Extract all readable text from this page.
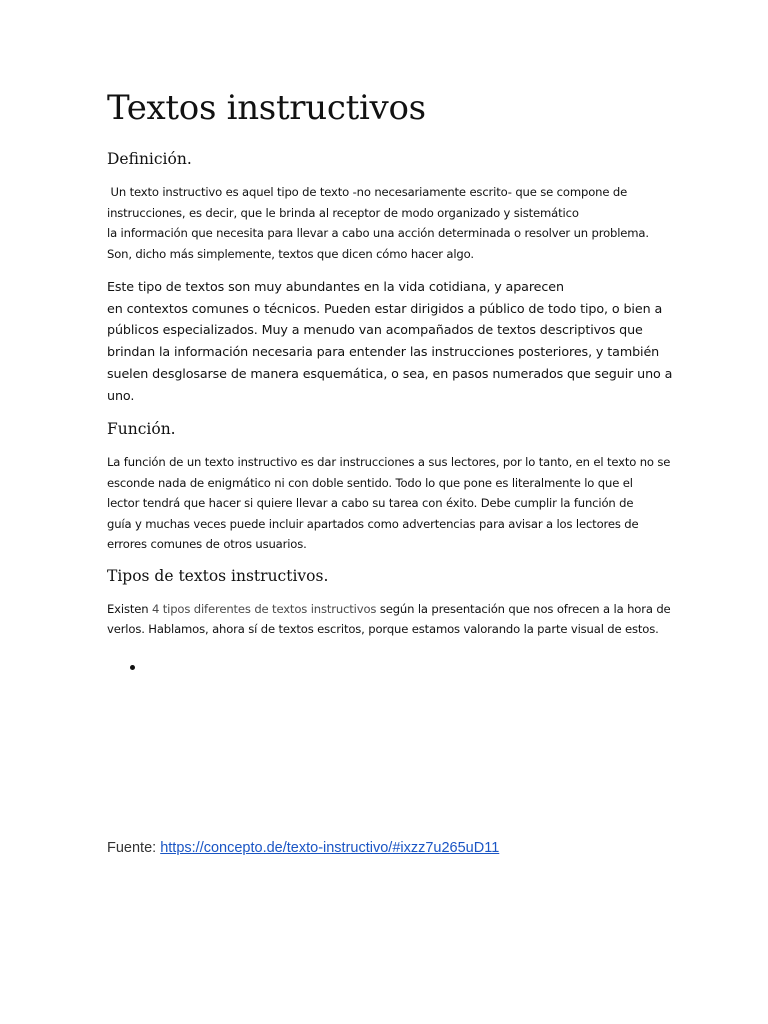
Textos instructivos
Definición.

Un texto instructivo es aquel tipo de texto -no necesariamente escrito- que se compone de
instrucciones, es decir, que le brinda al receptor de modo organizado y sistemático
la información que necesita para llevar a cabo una acción determinada o resolver un problema.
Son, dicho más simplemente, textos que dicen cómo hacer algo.

Este tipo de textos son muy abundantes en la vida cotidiana, y aparecen
en contextos comunes o técnicos. Pueden estar dirigidos a público de todo tipo, o bien a
públicos especializados. Muy a menudo van acompañados de textos descriptivos que
brindan la información necesaria para entender las instrucciones posteriores, y también
suelen desglosarse de manera esquemática, o sea, en pasos numerados que seguir uno a
uno.

Función.

La función de un texto instructivo es dar instrucciones a sus lectores, por lo tanto, en el texto no se
esconde nada de enigmático ni con doble sentido. Todo lo que pone es literalmente lo que el
lector tendrá que hacer si quiere llevar a cabo su tarea con éxito. Debe cumplir la función de
guía y muchas veces puede incluir apartados como advertencias para avisar a los lectores de
errores comunes de otros usuarios.

Tipos de textos instructivos.

Existen 4 tipos diferentes de textos instructivos según la presentación que nos ofrecen a la hora de
verlos. Hablamos, ahora sí de textos escritos, porque estamos valorando la parte visual de estos.

Fuente: https://concepto.de/texto-instructivo/#ixzz7u265uD11
